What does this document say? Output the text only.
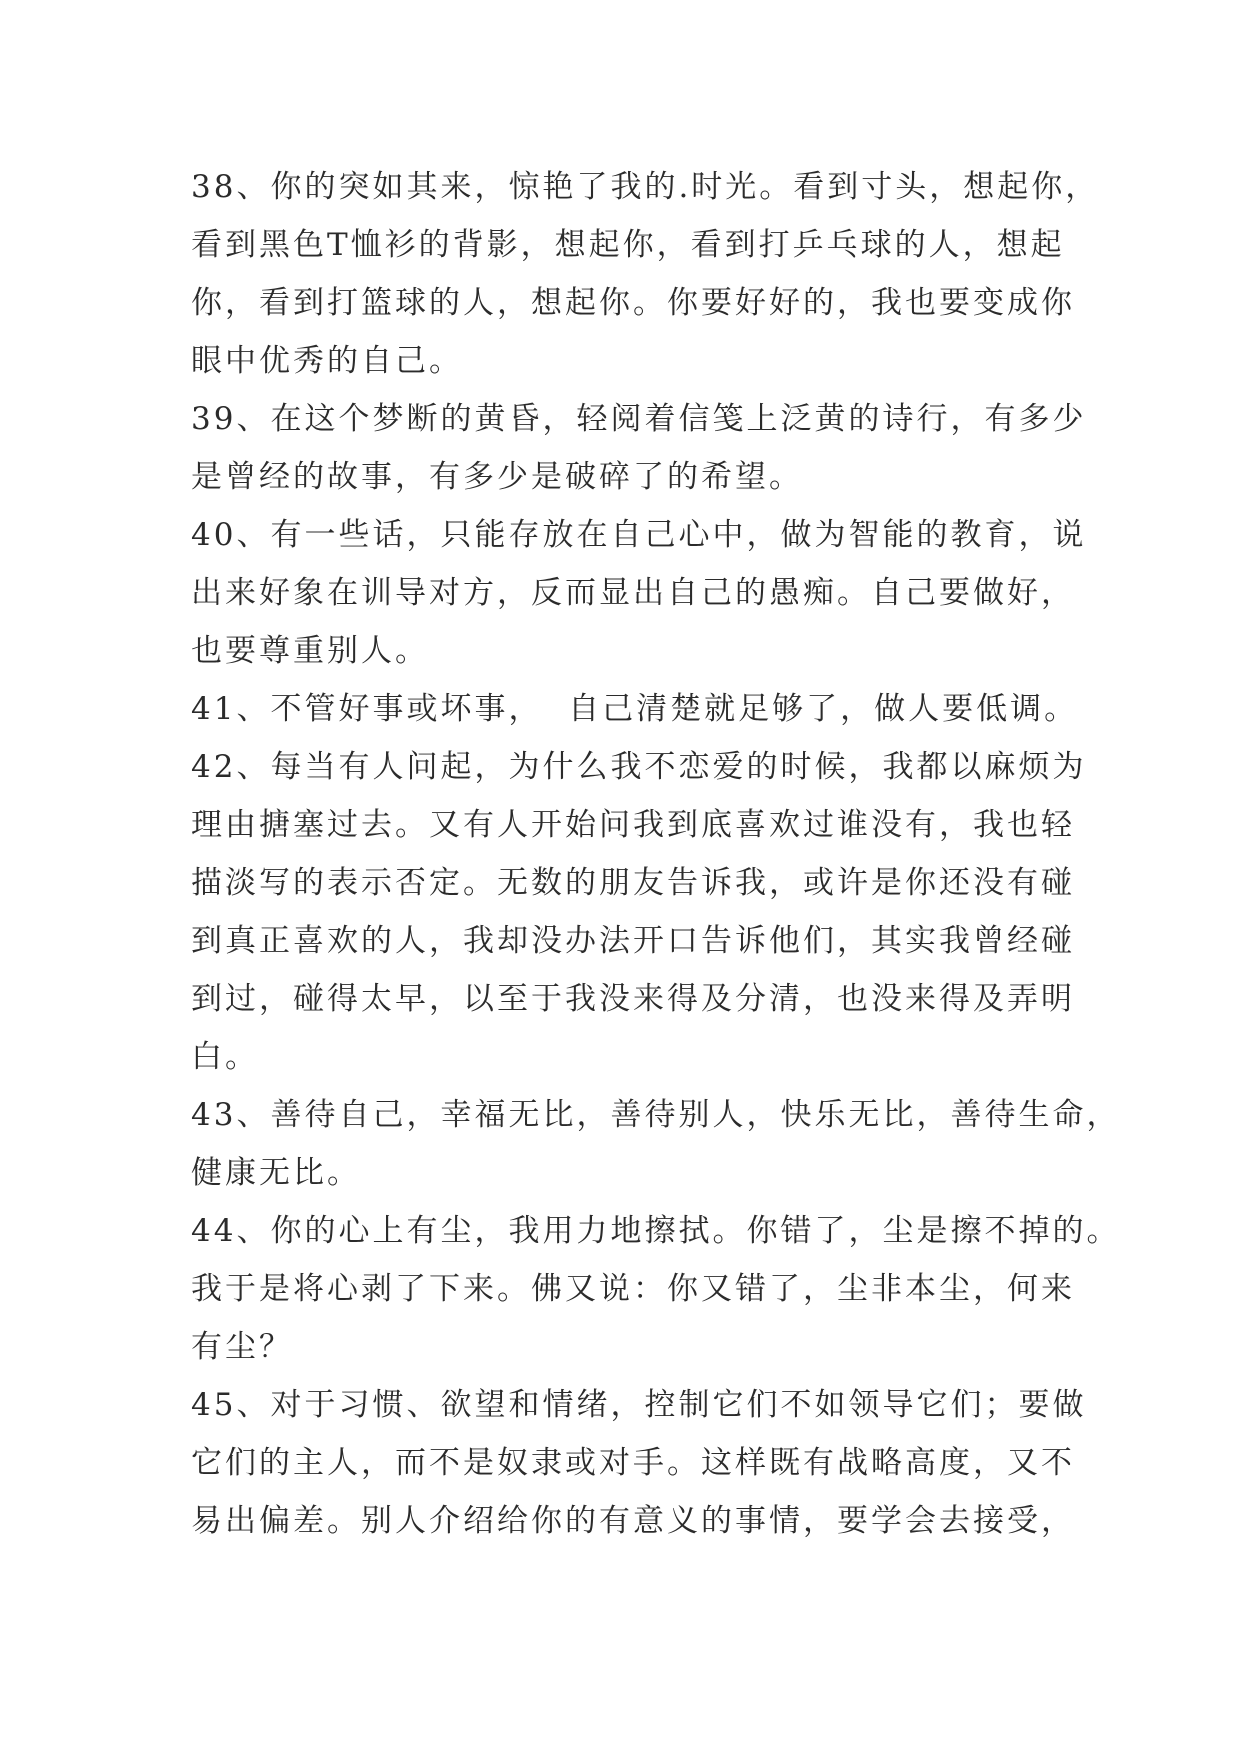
38、你的突如其来，惊艳了我的.时光。看到寸头，想起你，
看到黑色T恤衫的背影，想起你，看到打乒乓球的人，想起
你，看到打篮球的人，想起你。你要好好的，我也要变成你
眼中优秀的自己。
39、在这个梦断的黄昏，轻阅着信笺上泛黄的诗行，有多少
是曾经的故事，有多少是破碎了的希望。
40、有一些话，只能存放在自己心中，做为智能的教育，说
出来好象在训导对方，反而显出自己的愚痴。自己要做好，
也要尊重别人。
41、不管好事或坏事，  自己清楚就足够了，做人要低调。
42、每当有人问起，为什么我不恋爱的时候，我都以麻烦为
理由搪塞过去。又有人开始问我到底喜欢过谁没有，我也轻
描淡写的表示否定。无数的朋友告诉我，或许是你还没有碰
到真正喜欢的人，我却没办法开口告诉他们，其实我曾经碰
到过，碰得太早，以至于我没来得及分清，也没来得及弄明
白。
43、善待自己，幸福无比，善待别人，快乐无比，善待生命，
健康无比。
44、你的心上有尘，我用力地擦拭。你错了，尘是擦不掉的。
我于是将心剥了下来。佛又说：你又错了，尘非本尘，何来
有尘？
45、对于习惯、欲望和情绪，控制它们不如领导它们；要做
它们的主人，而不是奴隶或对手。这样既有战略高度，又不
易出偏差。别人介绍给你的有意义的事情，要学会去接受，
